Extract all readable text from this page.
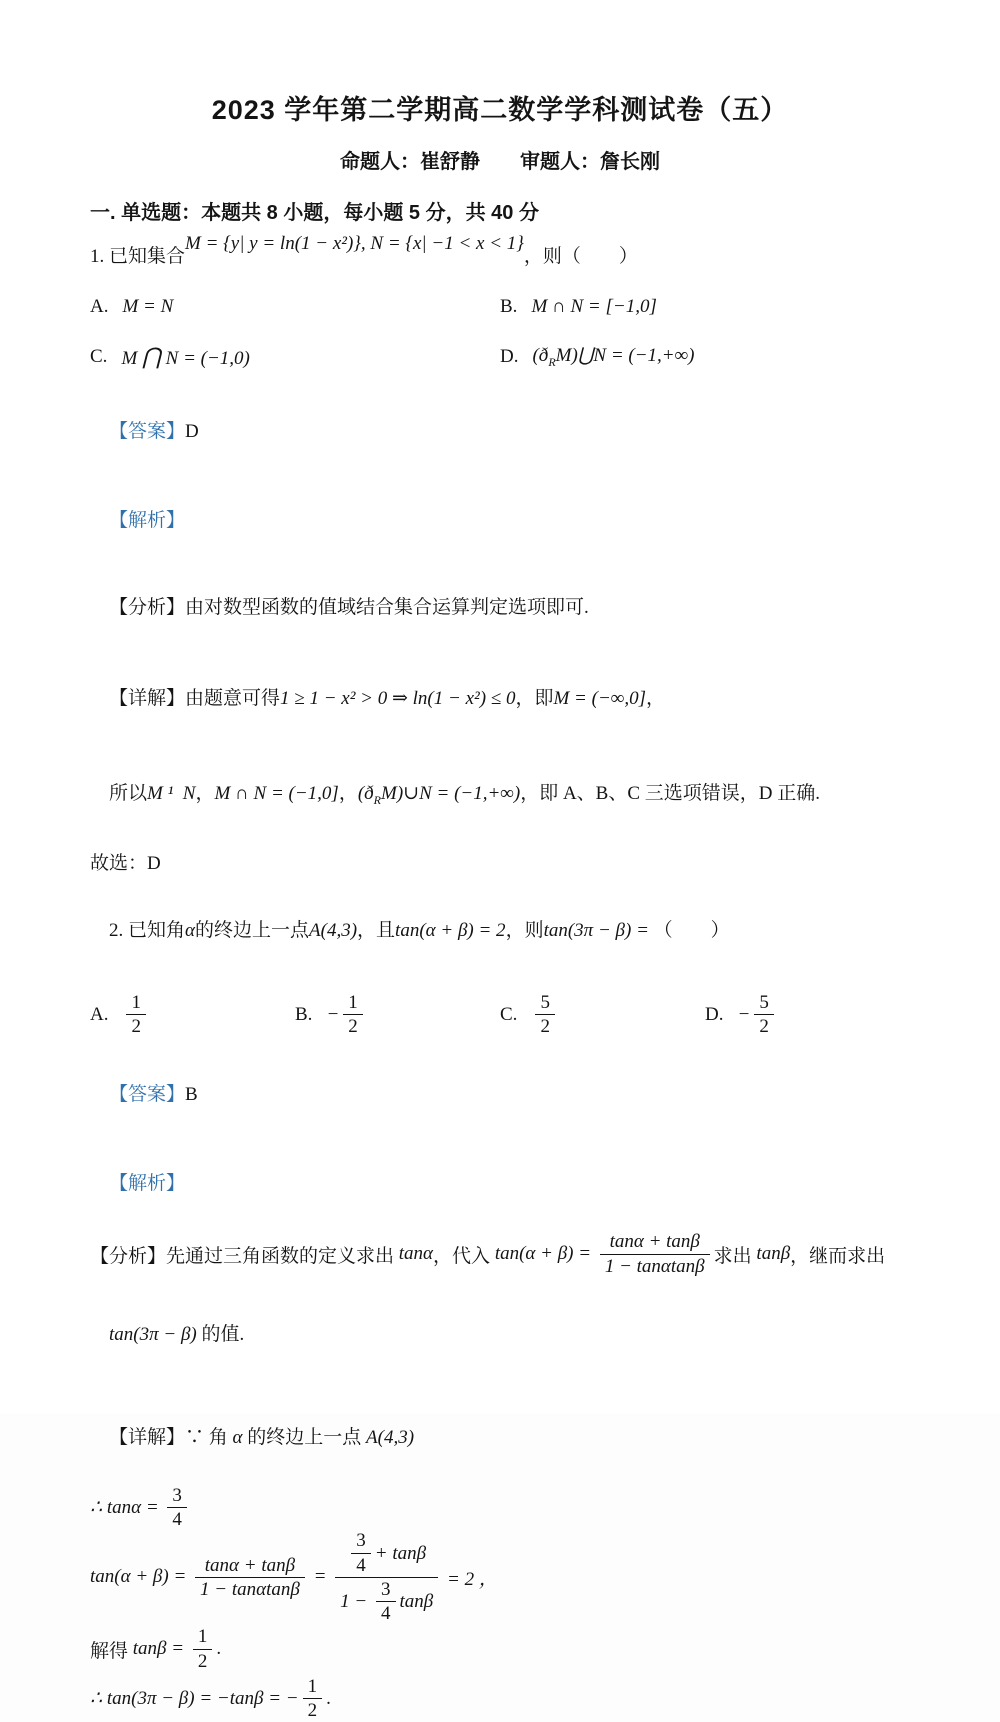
2023 学年第二学期高二数学学科测试卷（五）

命题人：崔舒静　　审题人：詹长刚

一. 单选题：本题共 8 小题，每小题 5 分，共 40 分

1. 已知集合
M = {y| y = ln(1 − x²)}, N = {x| −1 < x < 1}
，则（　　）
A. M = N	B. M ∩ N = [−1,0]
C. M ⋂ N = (−1,0)	D. $(ð_RM)⋃N = (-1,+\infty)$

【答案】D

【解析】

【分析】由对数型函数的值域结合集合运算判定选项即可.

【详解】由题意可得1 ≥ 1 − x² > 0 ⇒ ln(1 − x²) ≤ 0，即M = (−∞,0]，

所以M ¹  N，M ∩ N = (−1,0]，$(ð_RM)\cup N = (-1,+\infty)$，即 A、B、C 三选项错误，D 正确.

故选：D

2. 已知角α的终边上一点A(4,3)，且tan(α + β) = 2，则tan(3π − β) = （　　）

A. $\frac{1}{2}$	B. − $\frac{1}{2}$	C. $\frac{5}{2}$	D. − $\frac{5}{2}$

【答案】B

【解析】

【分析】 先通过三角函数的定义求出 tanα ，代入 $\tan(\alpha + \beta) = \frac{\tan\alpha + \tan\beta}{1 - \tan\alpha\tan\beta}$ 求出 tanβ ，继而求出

tan(3π − β) 的值.

【详解】∵ 角 α 的终边上一点 A(4,3)

∴ $\tan\alpha = \frac{3}{4}$
$\tan(\alpha + \beta) = \frac{\tan\alpha + \tan\beta}{1 - \tan\alpha\tan\beta} = \frac{\frac{3}{4} + \tan\beta}{1 - \frac{3}{4} \tan\beta} = 2$ ，
解得 $\tan\beta = \frac{1}{2}$ .
∴ tan(3π − β) = −tanβ = − $\frac{1}{2}$ .
